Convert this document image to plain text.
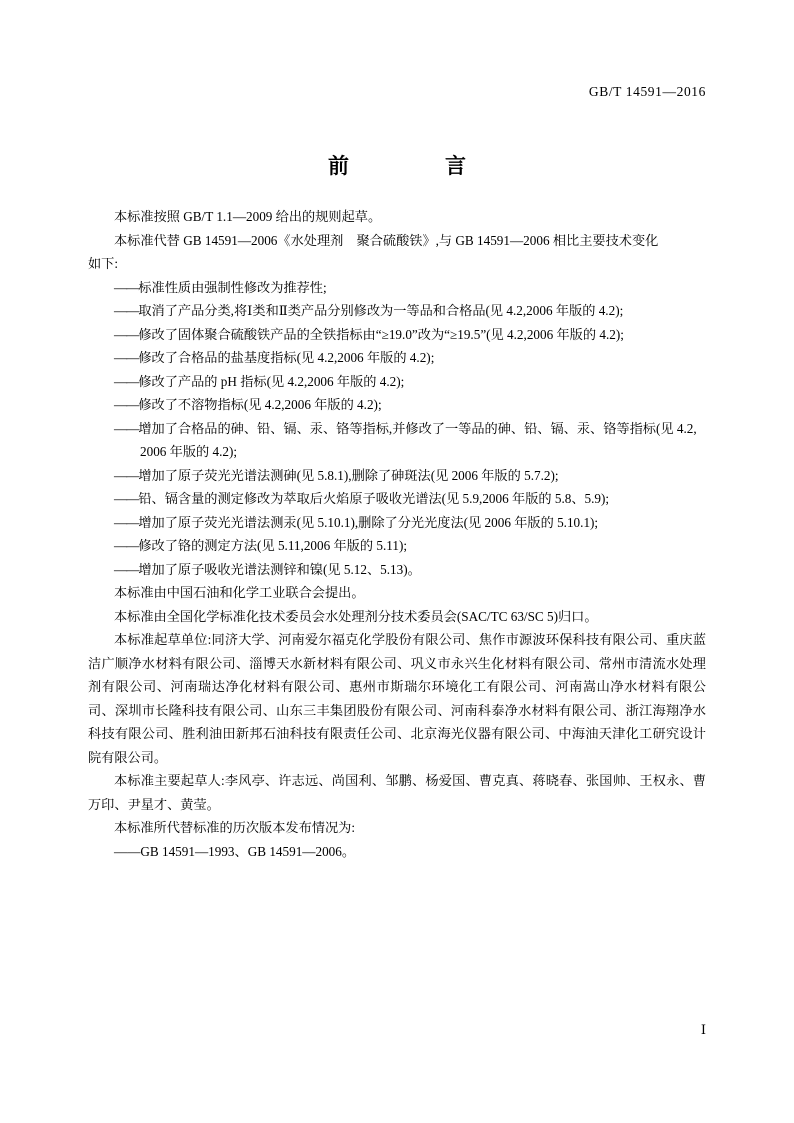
GB/T 14591—2016
前　　言

本标准按照 GB/T 1.1—2009 给出的规则起草。

本标准代替 GB 14591—2006《水处理剂　聚合硫酸铁》,与 GB 14591—2006 相比主要技术变化

如下:

——标准性质由强制性修改为推荐性;

——取消了产品分类,将Ⅰ类和Ⅱ类产品分别修改为一等品和合格品(见 4.2,2006 年版的 4.2);

——修改了固体聚合硫酸铁产品的全铁指标由“≥19.0”改为“≥19.5”(见 4.2,2006 年版的 4.2);

——修改了合格品的盐基度指标(见 4.2,2006 年版的 4.2);

——修改了产品的 pH 指标(见 4.2,2006 年版的 4.2);

——修改了不溶物指标(见 4.2,2006 年版的 4.2);

——增加了合格品的砷、铅、镉、汞、铬等指标,并修改了一等品的砷、铅、镉、汞、铬等指标(见 4.2,

2006 年版的 4.2);

——增加了原子荧光光谱法测砷(见 5.8.1),删除了砷斑法(见 2006 年版的 5.7.2);

——铅、镉含量的测定修改为萃取后火焰原子吸收光谱法(见 5.9,2006 年版的 5.8、5.9);

——增加了原子荧光光谱法测汞(见 5.10.1),删除了分光光度法(见 2006 年版的 5.10.1);

——修改了铬的测定方法(见 5.11,2006 年版的 5.11);

——增加了原子吸收光谱法测锌和镍(见 5.12、5.13)。

本标准由中国石油和化学工业联合会提出。

本标准由全国化学标准化技术委员会水处理剂分技术委员会(SAC/TC 63/SC 5)归口。

本标准起草单位:同济大学、河南爱尔福克化学股份有限公司、焦作市源波环保科技有限公司、重庆蓝洁广顺净水材料有限公司、淄博天水新材料有限公司、巩义市永兴生化材料有限公司、常州市清流水处理剂有限公司、河南瑞达净化材料有限公司、惠州市斯瑞尔环境化工有限公司、河南嵩山净水材料有限公司、深圳市长隆科技有限公司、山东三丰集团股份有限公司、河南科泰净水材料有限公司、浙江海翔净水科技有限公司、胜利油田新邦石油科技有限责任公司、北京海光仪器有限公司、中海油天津化工研究设计院有限公司。

本标准主要起草人:李风亭、许志远、尚国利、邹鹏、杨爱国、曹克真、蒋晓春、张国帅、王权永、曹万印、尹星才、黄莹。

本标准所代替标准的历次版本发布情况为:

——GB 14591—1993、GB 14591—2006。

Ⅰ
